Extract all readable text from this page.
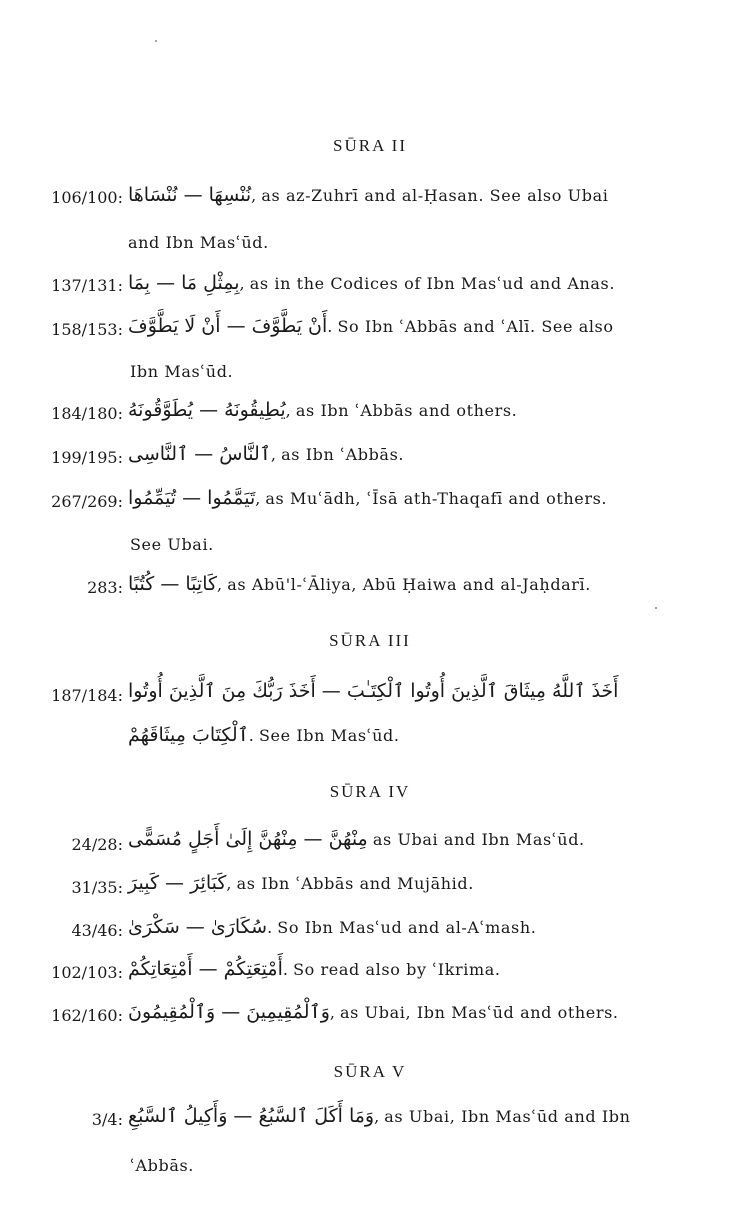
SŪRA II
106/100: نُنْسِهَا — نُنْسَاهَا, as az-Zuhrī and al-Ḥasan. See also Ubai
and Ibn Masʿūd.
137/131: بِمِثْلِ مَا — بِمَا, as in the Codices of Ibn Masʿud and Anas.
158/153: أَنْ يَطَّوَّفَ — أَنْ لَا يَطَّوَّفَ. So Ibn ʿAbbās and ʿAlī. See also
Ibn Masʿūd.
184/180: يُطِيقُونَهُ — يُطَوَّقُونَهُ, as Ibn ʿAbbās and others.
199/195: ٱلنَّاسُ — ٱلنَّاسِى, as Ibn ʿAbbās.
267/269: تَيَمَّمُوا — تُيَمِّمُوا, as Muʿādh, ʿĪsā ath-Thaqafī and others.
See Ubai.
283: كَاتِبًا — كُتُبًا, as Abū'l-ʿĀliya, Abū Ḥaiwa and al-Jaḥdarī.
SŪRA III
187/184: أَخَذَ ٱللَّهُ مِيثَاقَ ٱلَّذِينَ أُوتُوا ٱلْكِتَـٰبَ — أَخَذَ رَبُّكَ مِنَ ٱلَّذِينَ أُوتُوا
ٱلْكِتَابَ مِيثَاقَهُمْ. See Ibn Masʿūd.
SŪRA IV
24/28: مِنْهُنَّ — مِنْهُنَّ إِلَىٰ أَجَلٍ مُسَمًّى as Ubai and Ibn Masʿūd.
31/35: كَبَائِرَ — كَبِيرَ, as Ibn ʿAbbās and Mujāhid.
43/46: سُكَارَىٰ — سَكْرَىٰ. So Ibn Masʿud and al-Aʿmash.
102/103: أَمْتِعَتِكُمْ — أَمْتِعَاتِكُمْ. So read also by ʿIkrima.
162/160: وَٱلْمُقِيمِينَ — وَٱلْمُقِيمُونَ, as Ubai, Ibn Masʿūd and others.
SŪRA V
3/4: وَمَا أَكَلَ ٱلسَّبُعُ — وَأَكِيلُ ٱلسَّبُعِ, as Ubai, Ibn Masʿūd and Ibn
ʿAbbās.
